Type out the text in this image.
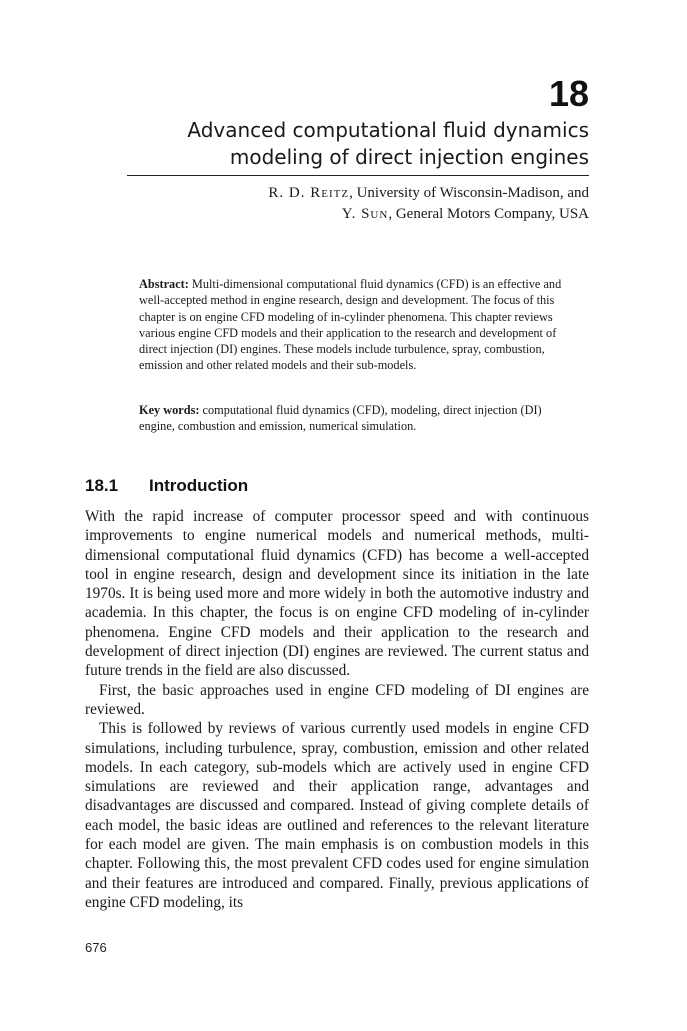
18
Advanced computational fluid dynamics
modeling of direct injection engines
R. D. Reitz, University of Wisconsin-Madison, and
Y. Sun, General Motors Company, USA
Abstract: Multi-dimensional computational fluid dynamics (CFD) is an effective and well-accepted method in engine research, design and development. The focus of this chapter is on engine CFD modeling of in-cylinder phenomena. This chapter reviews various engine CFD models and their application to the research and development of direct injection (DI) engines. These models include turbulence, spray, combustion, emission and other related models and their sub-models.
Key words: computational fluid dynamics (CFD), modeling, direct injection (DI) engine, combustion and emission, numerical simulation.
18.1 Introduction

With the rapid increase of computer processor speed and with continuous improvements to engine numerical models and numerical methods, multi-dimensional computational fluid dynamics (CFD) has become a well-accepted tool in engine research, design and development since its initiation in the late 1970s. It is being used more and more widely in both the automotive industry and academia. In this chapter, the focus is on engine CFD modeling of in-cylinder phenomena. Engine CFD models and their application to the research and development of direct injection (DI) engines are reviewed. The current status and future trends in the field are also discussed.

First, the basic approaches used in engine CFD modeling of DI engines are reviewed.

This is followed by reviews of various currently used models in engine CFD simulations, including turbulence, spray, combustion, emission and other related models. In each category, sub-models which are actively used in engine CFD simulations are reviewed and their application range, advantages and disadvantages are discussed and compared. Instead of giving complete details of each model, the basic ideas are outlined and references to the relevant literature for each model are given. The main emphasis is on combustion models in this chapter. Following this, the most prevalent CFD codes used for engine simulation and their features are introduced and compared. Finally, previous applications of engine CFD modeling, its

676
